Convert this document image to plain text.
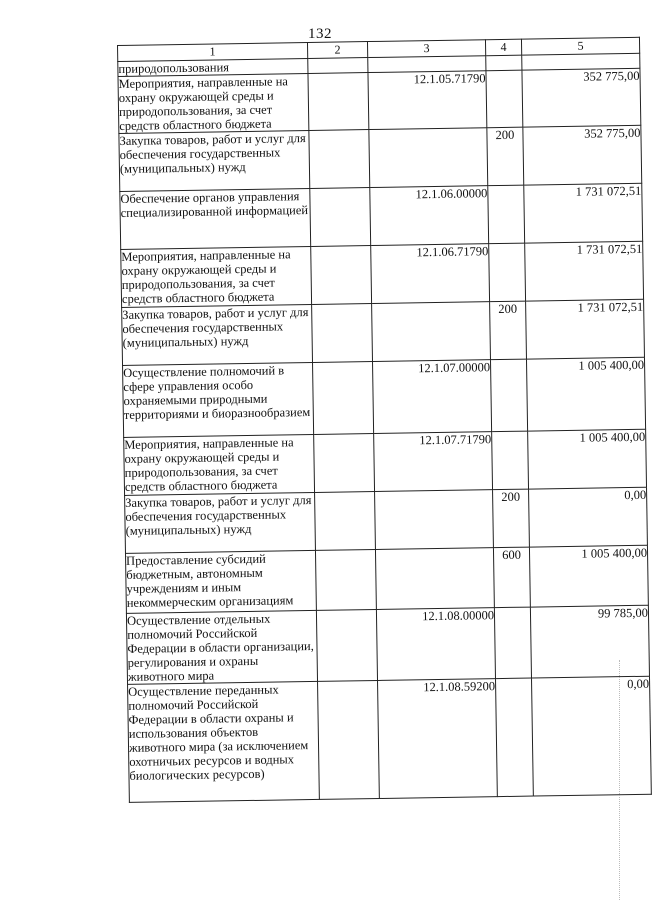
132
1	2	3	4	5
природопользования				
Мероприятия, направленные на охрану окружающей среды и природопользования, за счет средств областного бюджета		12.1.05.71790		352 775,00
Закупка товаров, работ и услуг для обеспечения государственных (муниципальных) нужд			200	352 775,00
Обеспечение органов управления специализированной информацией		12.1.06.00000		1 731 072,51
Мероприятия, направленные на охрану окружающей среды и природопользования, за счет средств областного бюджета		12.1.06.71790		1 731 072,51
Закупка товаров, работ и услуг для обеспечения государственных (муниципальных) нужд			200	1 731 072,51
Осуществление полномочий в сфере управления особо охраняемыми природными территориями и биоразнообразием		12.1.07.00000		1 005 400,00
Мероприятия, направленные на охрану окружающей среды и природопользования, за счет средств областного бюджета		12.1.07.71790		1 005 400,00
Закупка товаров, работ и услуг для обеспечения государственных (муниципальных) нужд			200	0,00
Предоставление субсидий бюджетным, автономным учреждениям и иным некоммерческим организациям			600	1 005 400,00
Осуществление отдельных полномочий Российской Федерации в области организации, регулирования и охраны животного мира		12.1.08.00000		99 785,00
Осуществление переданных полномочий Российской Федерации в области охраны и использования объектов животного мира (за исключением охотничьих ресурсов и водных биологических ресурсов)		12.1.08.59200		0,00
